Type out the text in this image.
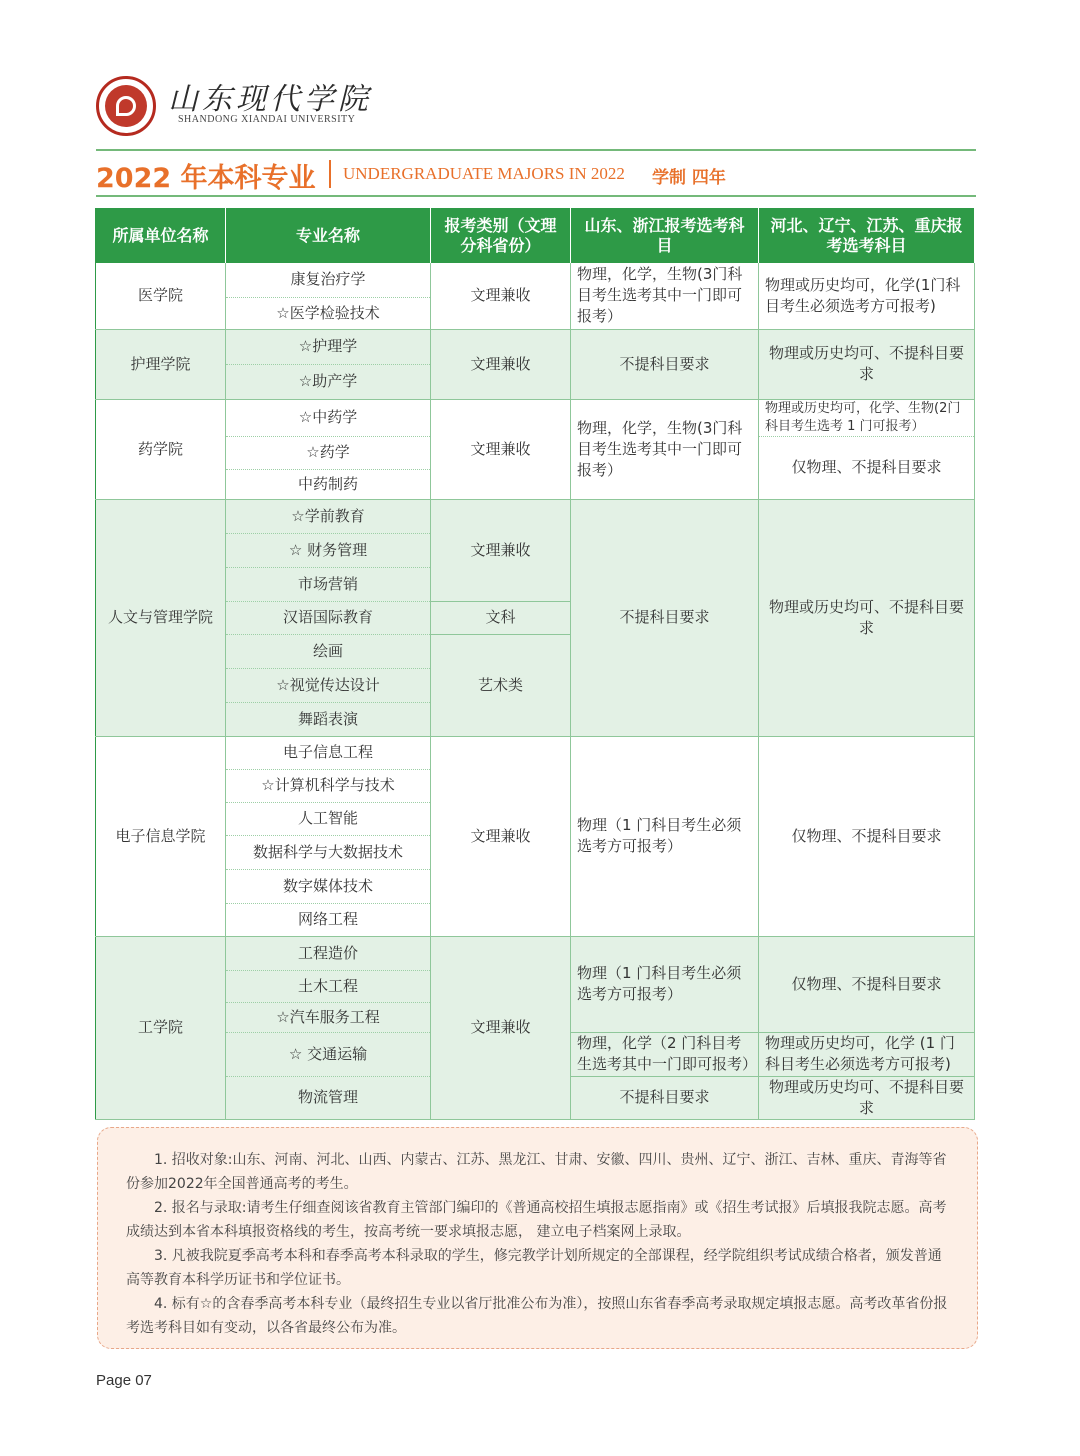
山东现代学院
SHANDONG XIANDAI UNIVERSITY
2022 年本科专业 UNDERGRADUATE MAJORS IN 2022 学制 四年
所属单位名称	专业名称	报考类别（文理分科省份）	山东、浙江报考选考科目	河北、辽宁、江苏、重庆报考选考科目
医学院	康复治疗学	文理兼收	物理，化学，生物(3门科目考生选考其中一门即可报考）	物理或历史均可，化学(1门科目考生必须选考方可报考)
	☆医学检验技术			
护理学院	☆护理学	文理兼收	不提科目要求	物理或历史均可、不提科目要求
	☆助产学			
药学院	☆中药学	文理兼收	物理，化学，生物(3门科目考生选考其中一门即可报考）	物理或历史均可，化学、生物(2门科目考生选考 1 门可报考）
	☆药学			仅物理、不提科目要求
	中药制药			
人文与管理学院	☆学前教育	文理兼收	不提科目要求	物理或历史均可、不提科目要求
	☆ 财务管理			
	市场营销			
	汉语国际教育	文科		
	绘画	艺术类		
	☆视觉传达设计			
	舞蹈表演			
电子信息学院	电子信息工程	文理兼收	物理（1 门科目考生必须选考方可报考）	仅物理、不提科目要求
	☆计算机科学与技术			
	人工智能			
	数据科学与大数据技术			
	数字媒体技术			
	网络工程			
工学院	工程造价	文理兼收	物理（1 门科目考生必须选考方可报考）	仅物理、不提科目要求
	土木工程			
	☆汽车服务工程			
	☆ 交通运输		物理，化学（2 门科目考生选考其中一门即可报考）	物理或历史均可，化学 (1 门科目考生必须选考方可报考)
	物流管理		不提科目要求	物理或历史均可、不提科目要求

1. 招收对象:山东、河南、河北、山西、内蒙古、江苏、黑龙江、甘肃、安徽、四川、贵州、辽宁、浙江、吉林、重庆、青海等省份参加2022年全国普通高考的考生。

2. 报名与录取:请考生仔细查阅该省教育主管部门编印的《普通高校招生填报志愿指南》或《招生考试报》后填报我院志愿。高考成绩达到本省本科填报资格线的考生，按高考统一要求填报志愿， 建立电子档案网上录取。

3. 凡被我院夏季高考本科和春季高考本科录取的学生，修完教学计划所规定的全部课程，经学院组织考试成绩合格者，颁发普通高等教育本科学历证书和学位证书。

4. 标有☆的含春季高考本科专业（最终招生专业以省厅批准公布为准），按照山东省春季高考录取规定填报志愿。高考改革省份报考选考科目如有变动，以各省最终公布为准。

Page 07
